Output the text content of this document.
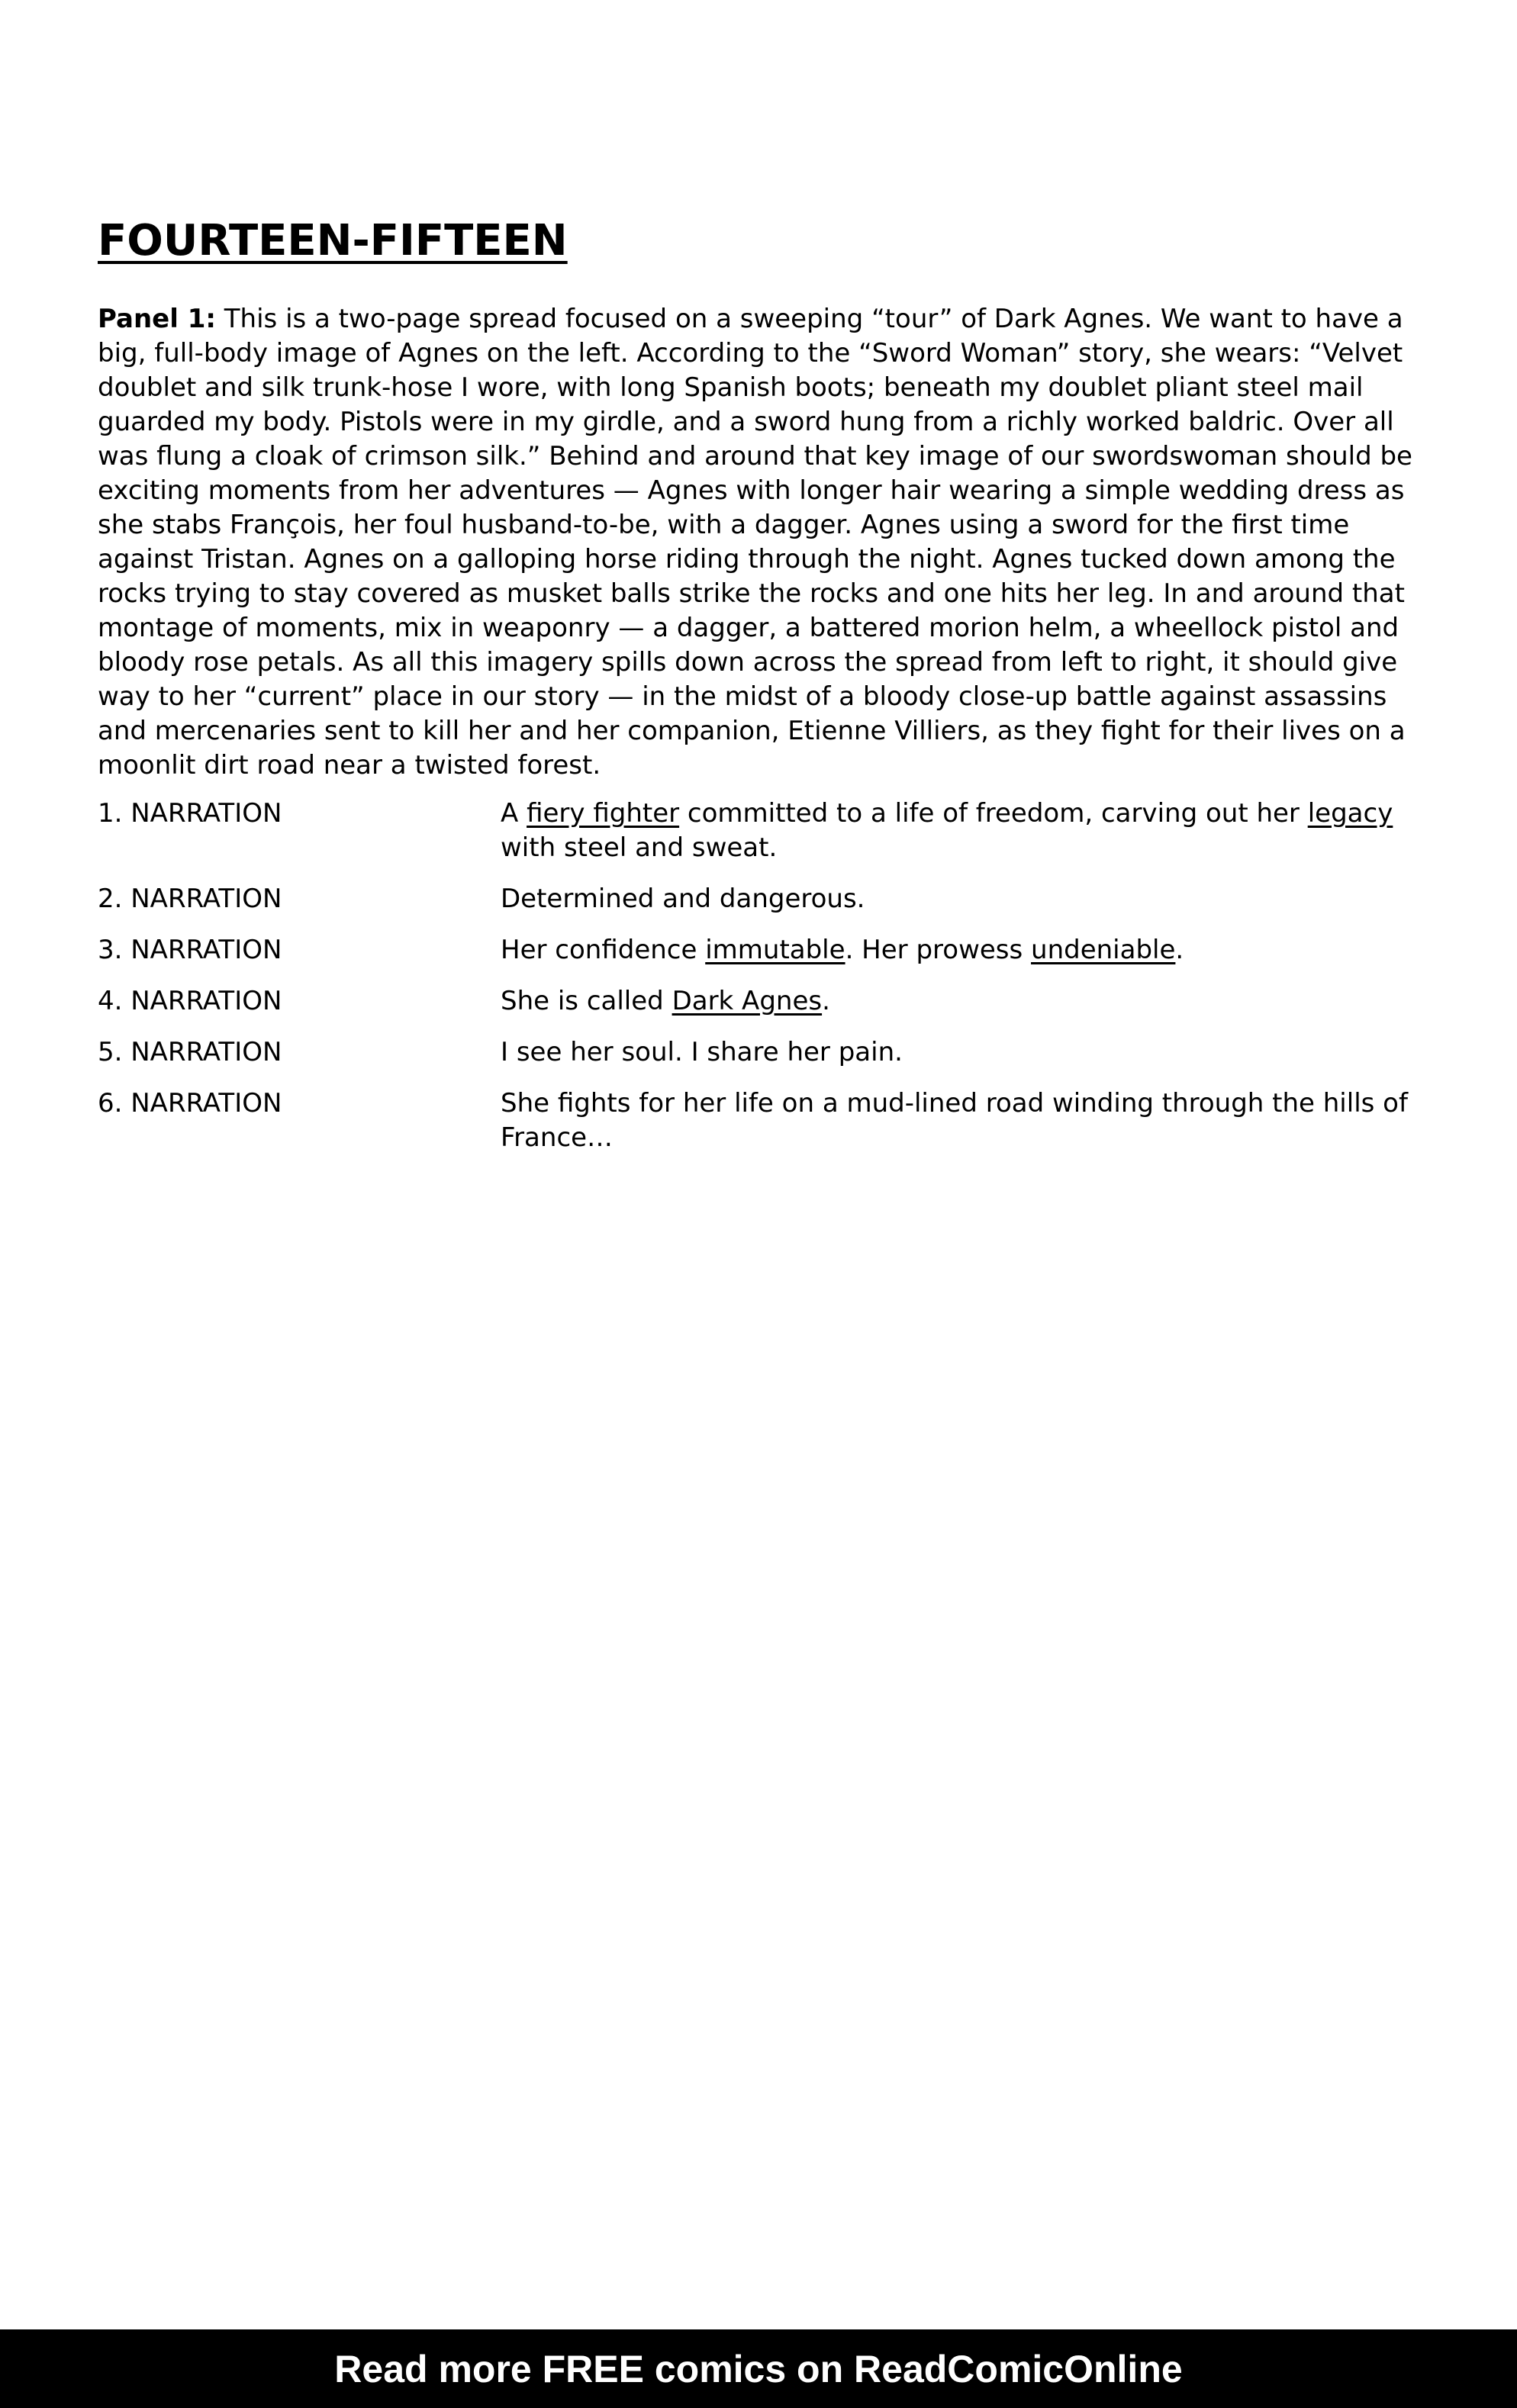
FOURTEEN-FIFTEEN

Panel 1: This is a two-page spread focused on a sweeping “tour” of Dark Agnes. We want to have a big, full-body image of Agnes on the left. According to the “Sword Woman” story, she wears: “Velvet doublet and silk trunk-hose I wore, with long Spanish boots; beneath my doublet pliant steel mail guarded my body. Pistols were in my girdle, and a sword hung from a richly worked baldric. Over all was flung a cloak of crimson silk.” Behind and around that key image of our swordswoman should be exciting moments from her adventures — Agnes with longer hair wearing a simple wedding dress as she stabs François, her foul husband-to-be, with a dagger. Agnes using a sword for the first time against Tristan. Agnes on a galloping horse riding through the night. Agnes tucked down among the rocks trying to stay covered as musket balls strike the rocks and one hits her leg. In and around that montage of moments, mix in weaponry — a dagger, a battered morion helm, a wheellock pistol and bloody rose petals. As all this imagery spills down across the spread from left to right, it should give way to her “current” place in our story — in the midst of a bloody close-up battle against assassins and mercenaries sent to kill her and her companion, Etienne Villiers, as they fight for their lives on a moonlit dirt road near a twisted forest.

1. NARRATION	A fiery fighter committed to a life of freedom, carving out her legacy with steel and sweat.
2. NARRATION	Determined and dangerous.
3. NARRATION	Her confidence immutable. Her prowess undeniable.
4. NARRATION	She is called Dark Agnes.
5. NARRATION	I see her soul. I share her pain.
6. NARRATION	She fights for her life on a mud-lined road winding through the hills of France…
Read more FREE comics on ReadComicOnline
